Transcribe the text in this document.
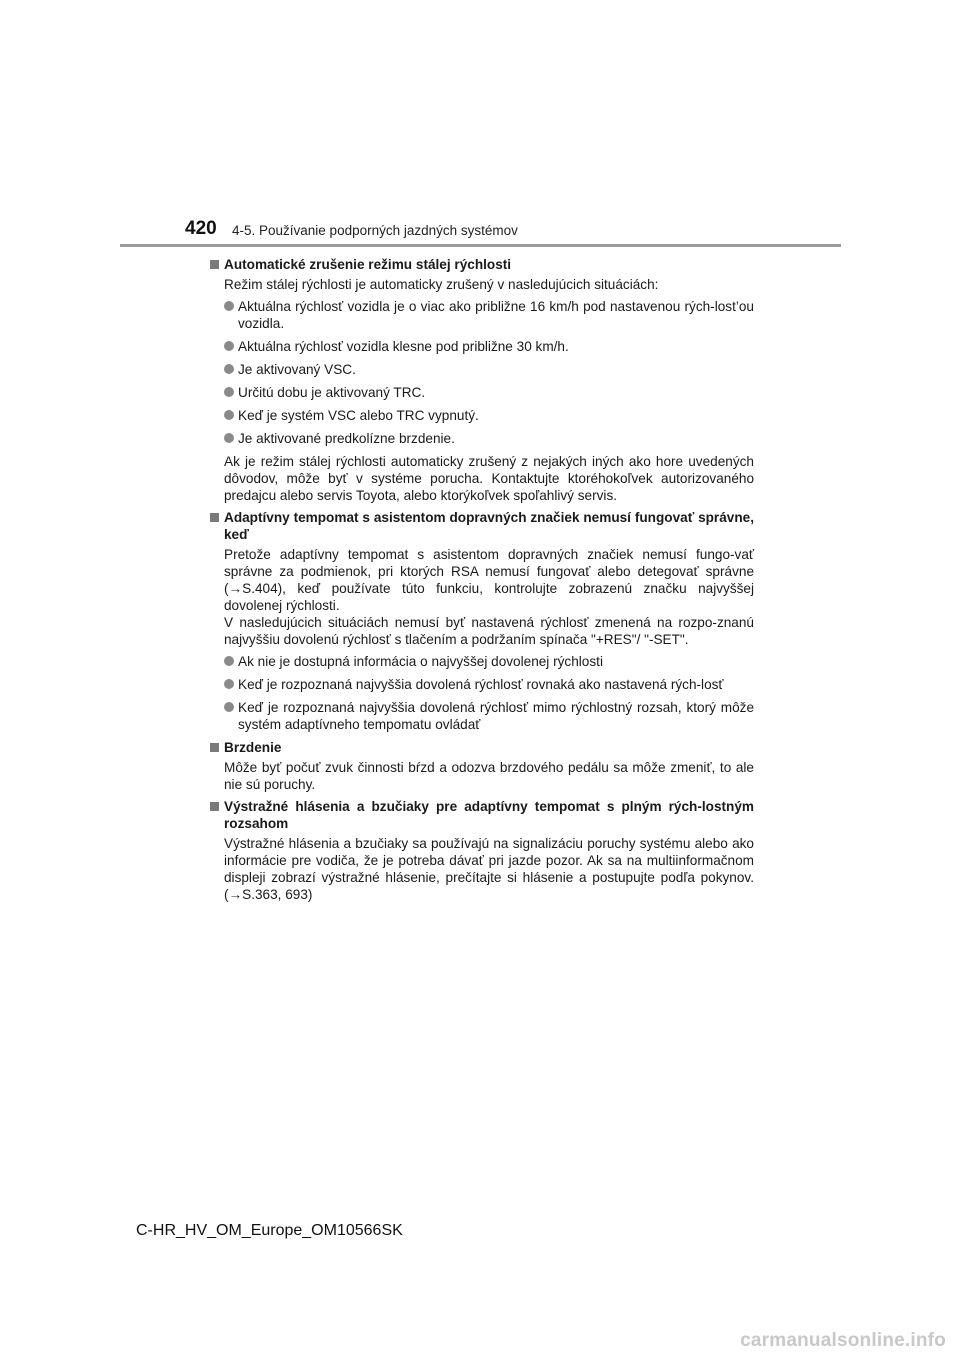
420 4-5. Používanie podporných jazdných systémov
Automatické zrušenie režimu stálej rýchlosti
Režim stálej rýchlosti je automaticky zrušený v nasledujúcich situáciách:
Aktuálna rýchlosť vozidla je o viac ako približne 16 km/h pod nastavenou rých-lost’ou vozidla.
Aktuálna rýchlosť vozidla klesne pod približne 30 km/h.
Je aktivovaný VSC.
Určitú dobu je aktivovaný TRC.
Keď je systém VSC alebo TRC vypnutý.
Je aktivované predkolízne brzdenie.
Ak je režim stálej rýchlosti automaticky zrušený z nejakých iných ako hore uvedených dôvodov, môže byť v systéme porucha. Kontaktujte ktoréhokoľvek autorizovaného predajcu alebo servis Toyota, alebo ktorýkoľvek spoľahlivý servis.
Adaptívny tempomat s asistentom dopravných značiek nemusí fungovať správne, keď
Pretože adaptívny tempomat s asistentom dopravných značiek nemusí fungo-vať správne za podmienok, pri ktorých RSA nemusí fungovať alebo detegovať správne (→S.404), keď používate túto funkciu, kontrolujte zobrazenú značku najvyššej dovolenej rýchlosti.
V nasledujúcich situáciách nemusí byť nastavená rýchlosť zmenená na rozpo-znanú najvyššiu dovolenú rýchlosť s tlačením a podržaním spínača "+RES"/ "-SET".
Ak nie je dostupná informácia o najvyššej dovolenej rýchlosti
Keď je rozpoznaná najvyššia dovolená rýchlosť rovnaká ako nastavená rých-losť
Keď je rozpoznaná najvyššia dovolená rýchlosť mimo rýchlostný rozsah, ktorý môže systém adaptívneho tempomatu ovládať
Brzdenie
Môže byť počuť zvuk činnosti bŕzd a odozva brzdového pedálu sa môže zmeniť, to ale nie sú poruchy.
Výstražné hlásenia a bzučiaky pre adaptívny tempomat s plným rých-lostným rozsahom
Výstražné hlásenia a bzučiaky sa používajú na signalizáciu poruchy systému alebo ako informácie pre vodiča, že je potreba dávať pri jazde pozor. Ak sa na multiinformačnom displeji zobrazí výstražné hlásenie, prečítajte si hlásenie a postupujte podľa pokynov. (→S.363, 693)
C-HR_HV_OM_Europe_OM10566SK
carmanualsonline.info
